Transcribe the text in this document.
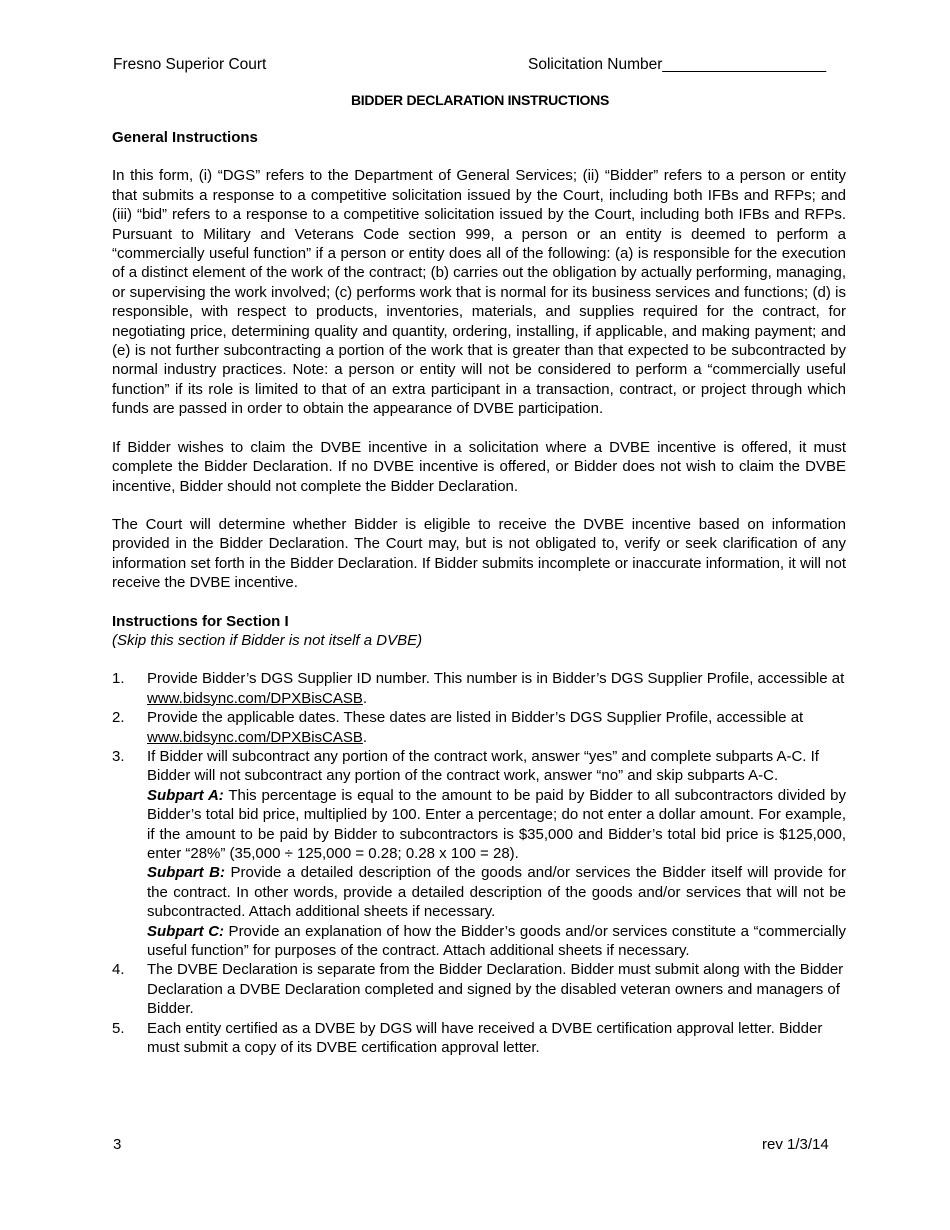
Fresno Superior Court	Solicitation Number___________________
BIDDER DECLARATION INSTRUCTIONS

General Instructions

In this form, (i) “DGS” refers to the Department of General Services; (ii) “Bidder” refers to a person or entity that submits a response to a competitive solicitation issued by the Court, including both IFBs and RFPs; and (iii) “bid” refers to a response to a competitive solicitation issued by the Court, including both IFBs and RFPs. Pursuant to Military and Veterans Code section 999, a person or an entity is deemed to perform a “commercially useful function” if a person or entity does all of the following: (a) is responsible for the execution of a distinct element of the work of the contract; (b) carries out the obligation by actually performing, managing, or supervising the work involved; (c) performs work that is normal for its business services and functions; (d) is responsible, with respect to products, inventories, materials, and supplies required for the contract, for negotiating price, determining quality and quantity, ordering, installing, if applicable, and making payment; and (e) is not further subcontracting a portion of the work that is greater than that expected to be subcontracted by normal industry practices. Note: a person or entity will not be considered to perform a “commercially useful function” if its role is limited to that of an extra participant in a transaction, contract, or project through which funds are passed in order to obtain the appearance of DVBE participation.

If Bidder wishes to claim the DVBE incentive in a solicitation where a DVBE incentive is offered, it must complete the Bidder Declaration. If no DVBE incentive is offered, or Bidder does not wish to claim the DVBE incentive, Bidder should not complete the Bidder Declaration.

The Court will determine whether Bidder is eligible to receive the DVBE incentive based on information provided in the Bidder Declaration. The Court may, but is not obligated to, verify or seek clarification of any information set forth in the Bidder Declaration. If Bidder submits incomplete or inaccurate information, it will not receive the DVBE incentive.

Instructions for Section I

(Skip this section if Bidder is not itself a DVBE)

1. Provide Bidder’s DGS Supplier ID number. This number is in Bidder’s DGS Supplier Profile, accessible at www.bidsync.com/DPXBisCASB.
2. Provide the applicable dates. These dates are listed in Bidder’s DGS Supplier Profile, accessible at www.bidsync.com/DPXBisCASB.
3. If Bidder will subcontract any portion of the contract work, answer “yes” and complete subparts A-C. If Bidder will not subcontract any portion of the contract work, answer “no” and skip subparts A-C.

Subpart A: This percentage is equal to the amount to be paid by Bidder to all subcontractors divided by Bidder’s total bid price, multiplied by 100. Enter a percentage; do not enter a dollar amount. For example, if the amount to be paid by Bidder to subcontractors is $35,000 and Bidder’s total bid price is $125,000, enter “28%” (35,000 ÷ 125,000 = 0.28; 0.28 x 100 = 28).

Subpart B: Provide a detailed description of the goods and/or services the Bidder itself will provide for the contract. In other words, provide a detailed description of the goods and/or services that will not be subcontracted. Attach additional sheets if necessary.

Subpart C: Provide an explanation of how the Bidder’s goods and/or services constitute a “commercially useful function” for purposes of the contract. Attach additional sheets if necessary.

4. The DVBE Declaration is separate from the Bidder Declaration. Bidder must submit along with the Bidder Declaration a DVBE Declaration completed and signed by the disabled veteran owners and managers of Bidder.
5. Each entity certified as a DVBE by DGS will have received a DVBE certification approval letter. Bidder must submit a copy of its DVBE certification approval letter.
3	rev 1/3/14
